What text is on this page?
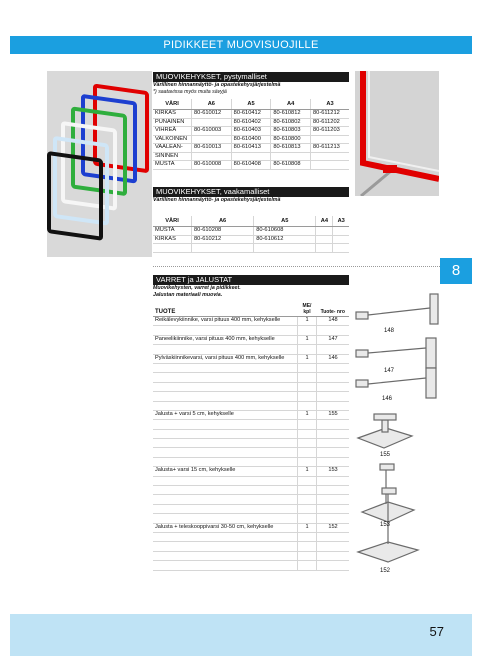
PIDIKKEET MUOVISUOJILLE
MUOVIKEHYKSET, pystymalliset
Värillinen hinnannäyttö- ja opastekehysjärjestelmä
*) saatavissa myös muita sävyjä
VÄRI	A6	A5	A4	A3
KIRKAS	80-610012	80-610412	80-610812	80-611212
PUNAINEN		80-610402	80-610802	80-611202
VIHREÄ	80-610003	80-610403	80-610803	80-611203
VALKOINEN		80-610400	80-610800	
VAALEAN-	80-610013	80-610413	80-610813	80-611213
SININEN				
MUSTA	80-610008	80-610408	80-610808	
MUOVIKEHYKSET, vaakamalliset
Värillinen hinnannäyttö- ja opastekehysjärjestelmä
VÄRI	A6	A5	A4	A3
MUSTA	80-610208	80-610608		
KIRKAS	80-610212	80-610612		

8
VARRET ja JALUSTAT
Muovikehysten, varret ja pidikkeet.
Jalustan materiaali muovia.
TUOTE	ME/ kpl	Tuote- nro
Reikälevykiinnike, varsi pituus 400 mm, kehykselle	1	148

Paneelikiinnike, varsi pituus 400 mm, kehykselle	1	147

Pylväskiinnikevarsi, varsi pituus 400 mm, kehykselle	1	146

Jalusta + varsi 5 cm, kehykselle	1	155

Jalusta+ varsi 15 cm, kehykselle	1	153

Jalusta + teleskooppivarsi 30-50 cm, kehykselle	1	152

148
147
146
155
153
152
57
